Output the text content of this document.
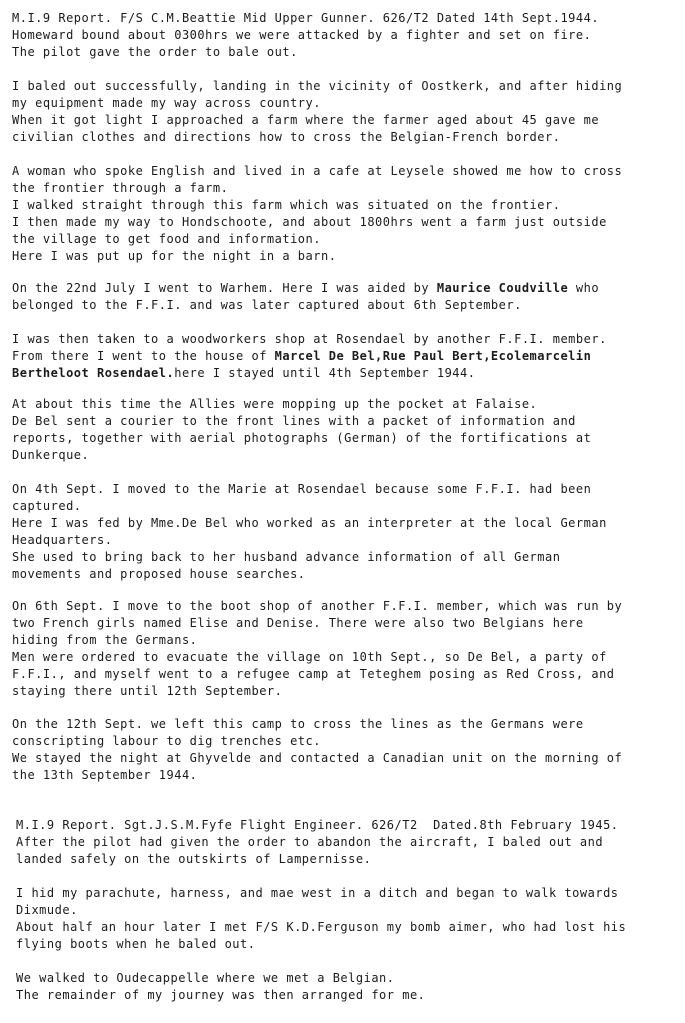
M.I.9 Report. F/S C.M.Beattie Mid Upper Gunner. 626/T2 Dated 14th Sept.1944.
Homeward bound about 0300hrs we were attacked by a fighter and set on fire.
The pilot gave the order to bale out.
I baled out successfully, landing in the vicinity of Oostkerk, and after hiding
my equipment made my way across country.
When it got light I approached a farm where the farmer aged about 45 gave me
civilian clothes and directions how to cross the Belgian-French border.
A woman who spoke English and lived in a cafe at Leysele showed me how to cross
the frontier through a farm.
I walked straight through this farm which was situated on the frontier.
I then made my way to Hondschoote, and about 1800hrs went a farm just outside
the village to get food and information.
Here I was put up for the night in a barn.
On the 22nd July I went to Warhem. Here I was aided by Maurice Coudville who
belonged to the F.F.I. and was later captured about 6th September.
I was then taken to a woodworkers shop at Rosendael by another F.F.I. member.
From there I went to the house of Marcel De Bel,Rue Paul Bert,Ecolemarcelin
Bertheloot Rosendael.here I stayed until 4th September 1944.
At about this time the Allies were mopping up the pocket at Falaise.
De Bel sent a courier to the front lines with a packet of information and
reports, together with aerial photographs (German) of the fortifications at
Dunkerque.
On 4th Sept. I moved to the Marie at Rosendael because some F.F.I. had been
captured.
Here I was fed by Mme.De Bel who worked as an interpreter at the local German
Headquarters.
She used to bring back to her husband advance information of all German
movements and proposed house searches.
On 6th Sept. I move to the boot shop of another F.F.I. member, which was run by
two French girls named Elise and Denise. There were also two Belgians here
hiding from the Germans.
Men were ordered to evacuate the village on 10th Sept., so De Bel, a party of
F.F.I., and myself went to a refugee camp at Teteghem posing as Red Cross, and
staying there until 12th September.
On the 12th Sept. we left this camp to cross the lines as the Germans were
conscripting labour to dig trenches etc.
We stayed the night at Ghyvelde and contacted a Canadian unit on the morning of
the 13th September 1944.
M.I.9 Report. Sgt.J.S.M.Fyfe Flight Engineer. 626/T2  Dated.8th February 1945.
After the pilot had given the order to abandon the aircraft, I baled out and
landed safely on the outskirts of Lampernisse.
I hid my parachute, harness, and mae west in a ditch and began to walk towards
Dixmude.
About half an hour later I met F/S K.D.Ferguson my bomb aimer, who had lost his
flying boots when he baled out.
We walked to Oudecappelle where we met a Belgian.
The remainder of my journey was then arranged for me.
